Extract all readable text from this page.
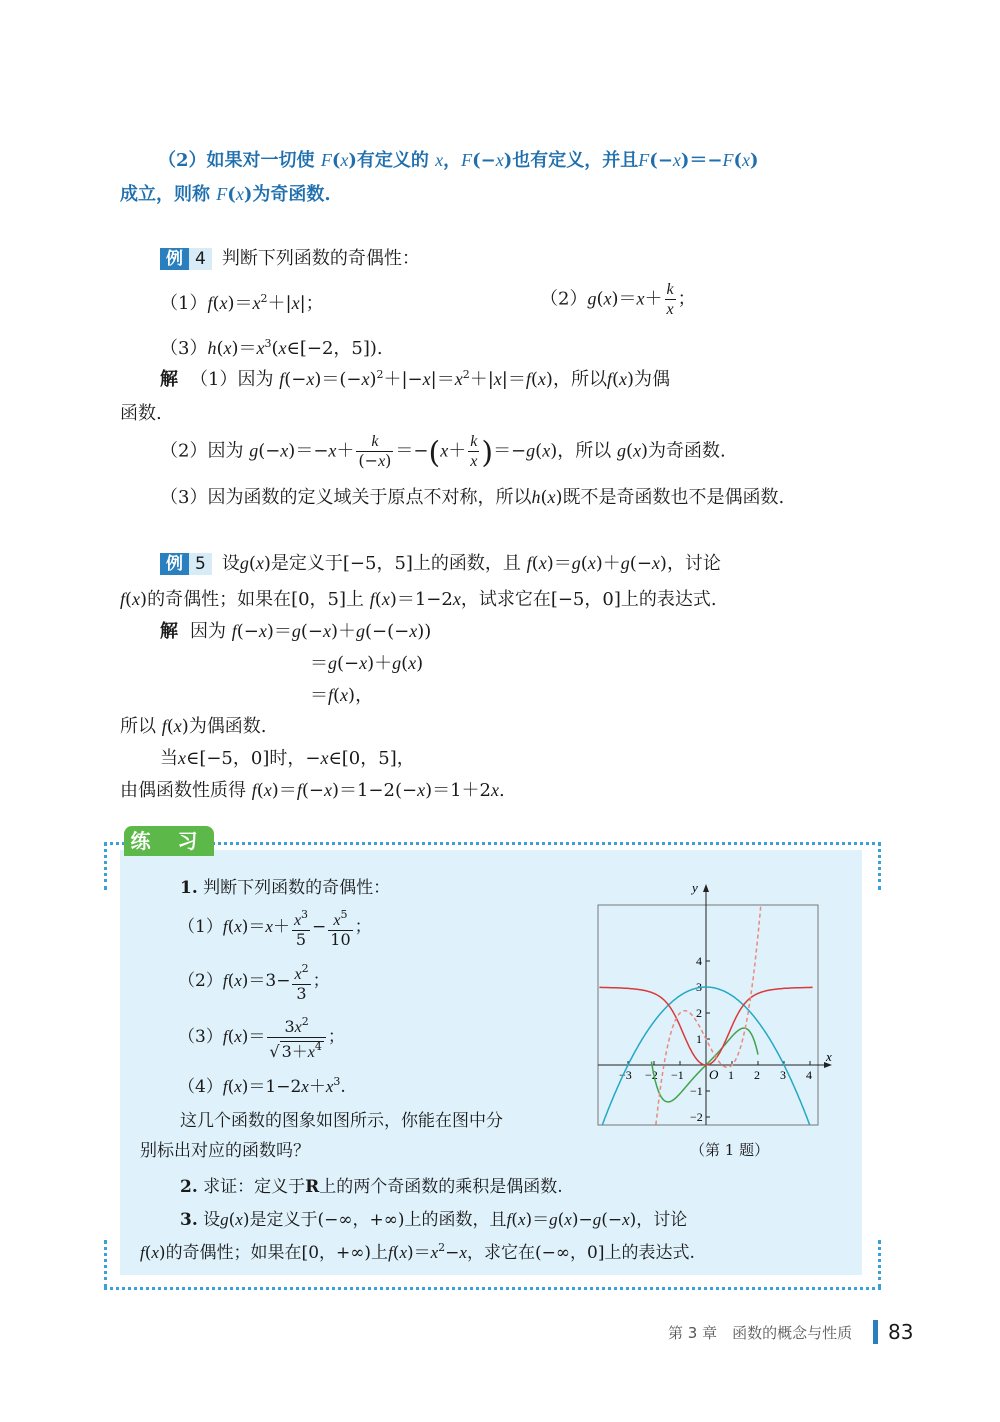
（2）如果对一切使 F(x)有定义的 x，F(−x)也有定义，并且F(−x)＝−F(x)
成立，则称 F(x)为奇函数.
例 4 判断下列函数的奇偶性：
$(1)f(x)=x^2+|x|$；	$(2)g(x)=x+ \frac{k}{x}$ ；
$(3)h(x)=x^3(x\in[-2$，5]).
解 （1）因为 $f(-x)=(-x)^2+|-x|=x^2+|x|=f(x)$，所以f(x)为偶
函数.
（2）因为 $g(-x)=-x+ \frac{k}{(-x)} =-(x+ \frac{k}{x} )=-g(x)$，所以 g(x)为奇函数.
（3）因为函数的定义域关于原点不对称，所以h(x)既不是奇函数也不是偶函数.
例 5 设g(x)是定义于[−5，5]上的函数，且 f(x)＝g(x)＋g(−x)，讨论
f(x)的奇偶性；如果在[0，5]上 f(x)＝1−2x，试求它在[−5，0]上的表达式.
解 因为 f(−x)＝g(−x)＋g(−(−x))
＝g(−x)＋g(x)
＝f(x)，
所以 f(x)为偶函数.
当x∈[−5，0]时，−x∈[0，5]，
由偶函数性质得 f(x)＝f(−x)＝1−2(−x)＝1＋2x.
练 习
1. 判断下列函数的奇偶性：
$(1)f(x)=x+ \frac{x^3}{5} - \frac{x^5}{10}$ ；
$(2)f(x)=3- \frac{x^2}{3}$ ；
$(3)f(x)= \frac{3x^2}{√ 3+x^4}$ ；
$(4)f(x)=1-2x+x^3$.
这几个函数的图象如图所示，你能在图中分
别标出对应的函数吗？
x
y
O
−3 −2 −1	1 2 3 4
−2
−1
1
2
3
4
（第 1 题）
2. 求证：定义于R上的两个奇函数的乘积是偶函数.
3. 设g(x)是定义于(−∞，+∞)上的函数，且f(x)＝g(x)−g(−x)，讨论
f(x)的奇偶性；如果在[0，+∞)上$f(x)=x^2-x$，求它在(−∞，0]上的表达式.
第 3 章　函数的概念与性质 83
